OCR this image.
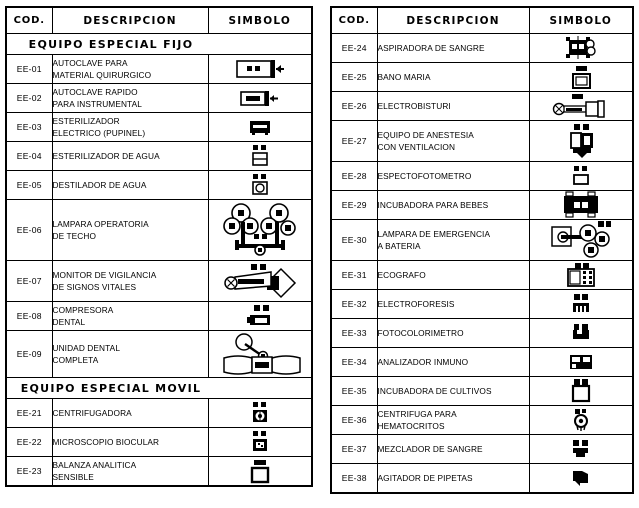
COD.	DESCRIPCION	SIMBOLO
EQUIPO ESPECIAL FIJO		
EE-01	AUTOCLAVE PARA
MATERIAL QUIRURGICO

EE-02	AUTOCLAVE RAPIDO
PARA INSTRUMENTAL

EE-03	ESTERILIZADOR
ELECTRICO (PUPINEL)

EE-04	ESTERILIZADOR DE AGUA	
EE-05	DESTILADOR DE AGUA	
EE-06	LAMPARA OPERATORIA
DE TECHO

EE-07	MONITOR DE VIGILANCIA
DE SIGNOS VITALES

EE-08	COMPRESORA
DENTAL

EE-09	UNIDAD DENTAL
COMPLETA

EQUIPO ESPECIAL MOVIL		
EE-21	CENTRIFUGADORA	
EE-22	MICROSCOPIO BIOCULAR	
EE-23	BALANZA ANALITICA
SENSIBLE

COD.	DESCRIPCION	SIMBOLO
EE-24	ASPIRADORA DE SANGRE	
EE-25	BANO MARIA	
EE-26	ELECTROBISTURI	
EE-27	EQUIPO DE ANESTESIA
CON VENTILACION

EE-28	ESPECTOFOTOMETRO	
EE-29	INCUBADORA PARA BEBES	
EE-30	LAMPARA DE EMERGENCIA
A BATERIA

EE-31	ECOGRAFO	
EE-32	ELECTROFORESIS	
EE-33	FOTOCOLORIMETRO	
EE-34	ANALIZADOR INMUNO	
EE-35	INCUBADORA DE CULTIVOS	
EE-36	CENTRIFUGA PARA
HEMATOCRITOS

EE-37	MEZCLADOR DE SANGRE	
EE-38	AGITADOR DE PIPETAS	
